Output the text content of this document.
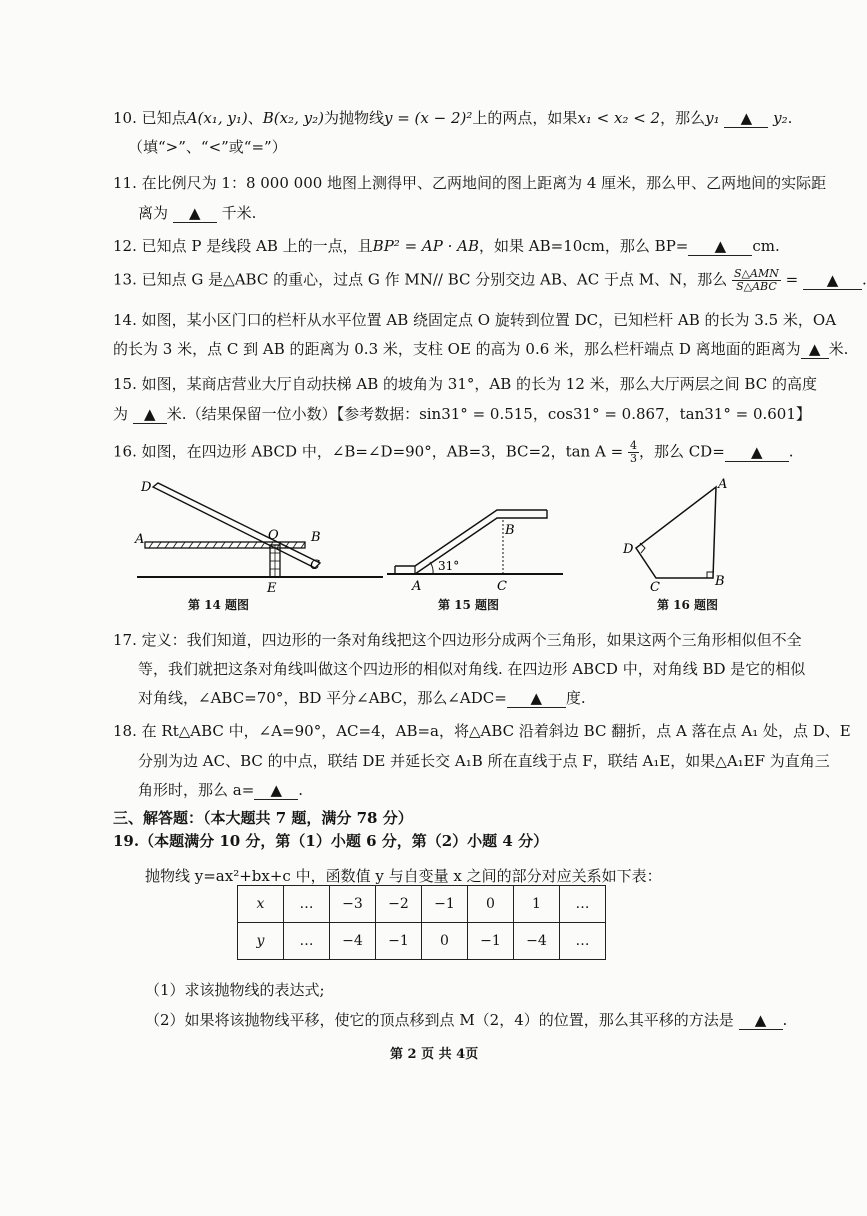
10. 已知点A(x₁, y₁)、B(x₂, y₂)为抛物线y = (x − 2)²上的两点，如果x₁ < x₂ < 2，那么y₁ ▲ y₂.
（填“>”、“<”或“=”）
11. 在比例尺为 1：8 000 000 地图上测得甲、乙两地间的图上距离为 4 厘米，那么甲、乙两地间的实际距
离为 ▲ 千米.
12. 已知点 P 是线段 AB 上的一点，且BP² = AP · AB，如果 AB=10cm，那么 BP= ▲ cm.
13. 已知点 G 是△ABC 的重心，过点 G 作 MN// BC 分别交边 AB、AC 于点 M、N，那么 $\frac{\text{S△AMN}}{\text{S△ABC}}$ = ▲ .
14. 如图，某小区门口的栏杆从水平位置 AB 绕固定点 O 旋转到位置 DC，已知栏杆 AB 的长为 3.5 米，OA
的长为 3 米，点 C 到 AB 的距离为 0.3 米，支柱 OE 的高为 0.6 米，那么栏杆端点 D 离地面的距离为 ▲ 米.
15. 如图，某商店营业大厅自动扶梯 AB 的坡角为 31°，AB 的长为 12 米，那么大厅两层之间 BC 的高度
为 ▲ 米.（结果保留一位小数）【参考数据：sin31° = 0.515，cos31° = 0.867，tan31° = 0.601】
16. 如图，在四边形 ABCD 中，∠B=∠D=90°，AB=3，BC=2，$\tan A = \frac{4}{3}$ ，那么 CD= ▲ .
D
A	O B
C
E
第 14 题图
B
31°
A	C
第 15 题图
A
D
C	B
第 16 题图
17. 定义：我们知道，四边形的一条对角线把这个四边形分成两个三角形，如果这两个三角形相似但不全
等，我们就把这条对角线叫做这个四边形的相似对角线. 在四边形 ABCD 中，对角线 BD 是它的相似
对角线，∠ABC=70°，BD 平分∠ABC，那么∠ADC= ▲ 度.
18. 在 Rt△ABC 中，∠A=90°，AC=4，AB=a，将△ABC 沿着斜边 BC 翻折，点 A 落在点 A₁ 处，点 D、E
分别为边 AC、BC 的中点，联结 DE 并延长交 A₁B 所在直线于点 F，联结 A₁E，如果△A₁EF 为直角三
角形时，那么 a= ▲ .
三、解答题：（本大题共 7 题，满分 78 分）
19.（本题满分 10 分，第（1）小题 6 分，第（2）小题 4 分）
抛物线 y=ax²+bx+c 中，函数值 y 与自变量 x 之间的部分对应关系如下表：
x	…	−3	−2	−1	0	1	…
y	…	−4	−1	0	−1	−4	…
（1）求该抛物线的表达式;
（2）如果将该抛物线平移，使它的顶点移到点 M（2，4）的位置，那么其平移的方法是 ▲ .
第 2 页 共 4页
